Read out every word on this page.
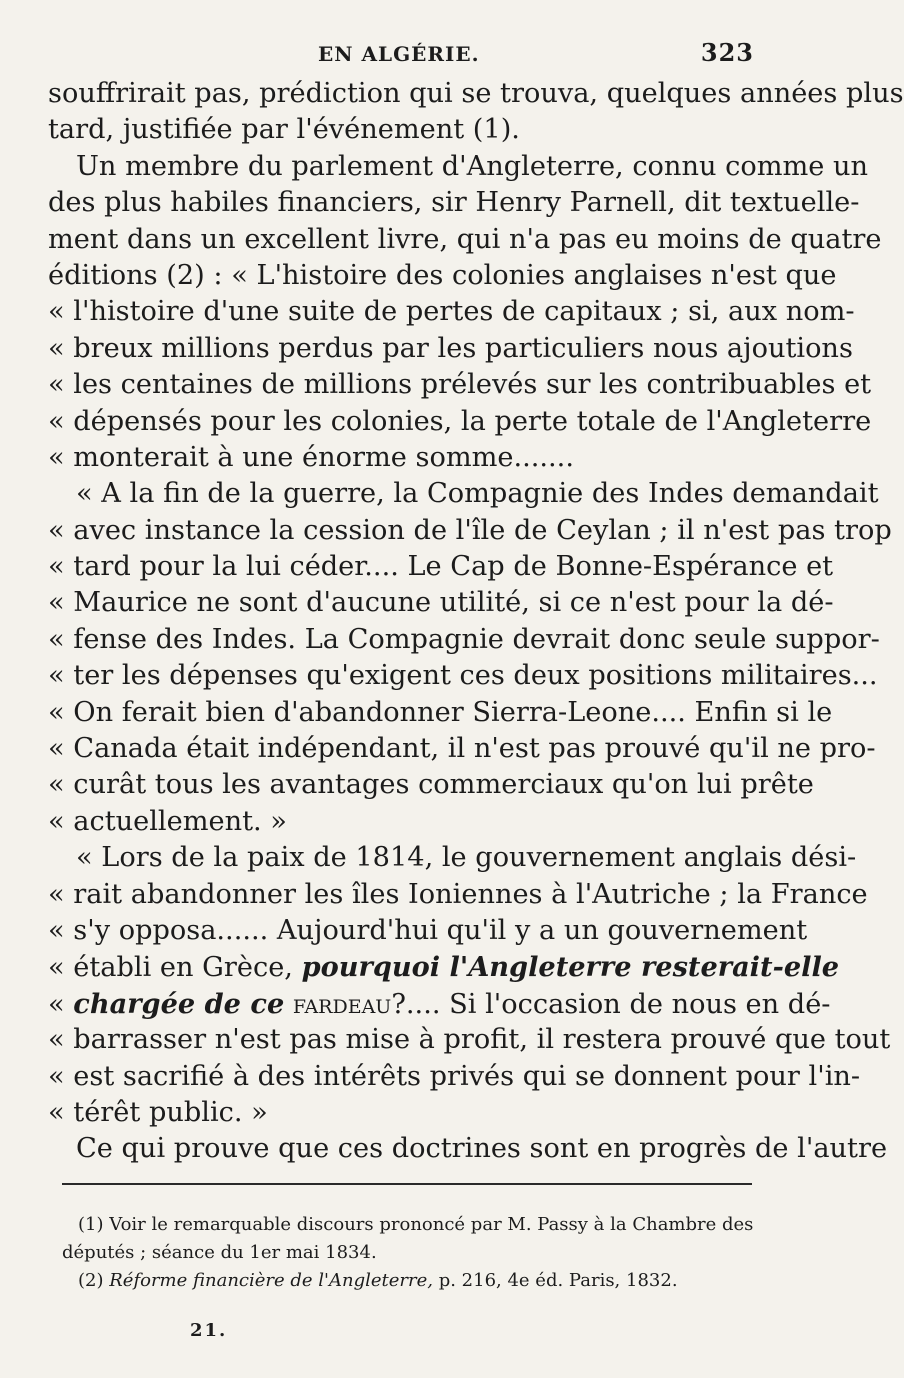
EN ALGÉRIE.	323
souffrirait pas, prédiction qui se trouva, quelques années plus
tard, justifiée par l'événement (1).
Un membre du parlement d'Angleterre, connu comme un
des plus habiles financiers, sir Henry Parnell, dit textuelle-
ment dans un excellent livre, qui n'a pas eu moins de quatre
éditions (2) : « L'histoire des colonies anglaises n'est que
« l'histoire d'une suite de pertes de capitaux ; si, aux nom-
« breux millions perdus par les particuliers nous ajoutions
« les centaines de millions prélevés sur les contribuables et
« dépensés pour les colonies, la perte totale de l'Angleterre
« monterait à une énorme somme.......
« A la fin de la guerre, la Compagnie des Indes demandait
« avec instance la cession de l'île de Ceylan ; il n'est pas trop
« tard pour la lui céder.... Le Cap de Bonne-Espérance et
« Maurice ne sont d'aucune utilité, si ce n'est pour la dé-
« fense des Indes. La Compagnie devrait donc seule suppor-
« ter les dépenses qu'exigent ces deux positions militaires...
« On ferait bien d'abandonner Sierra-Leone.... Enfin si le
« Canada était indépendant, il n'est pas prouvé qu'il ne pro-
« curât tous les avantages commerciaux qu'on lui prête
« actuellement. »
« Lors de la paix de 1814, le gouvernement anglais dési-
« rait abandonner les îles Ioniennes à l'Autriche ; la France
« s'y opposa...... Aujourd'hui qu'il y a un gouvernement
« établi en Grèce, pourquoi l'Angleterre resterait-elle
« chargée de ce fardeau?.... Si l'occasion de nous en dé-
« barrasser n'est pas mise à profit, il restera prouvé que tout
« est sacrifié à des intérêts privés qui se donnent pour l'in-
« térêt public. »
Ce qui prouve que ces doctrines sont en progrès de l'autre
(1) Voir le remarquable discours prononcé par M. Passy à la Chambre des
députés ; séance du 1er mai 1834.
(2) Réforme financière de l'Angleterre, p. 216, 4e éd. Paris, 1832.
21.
